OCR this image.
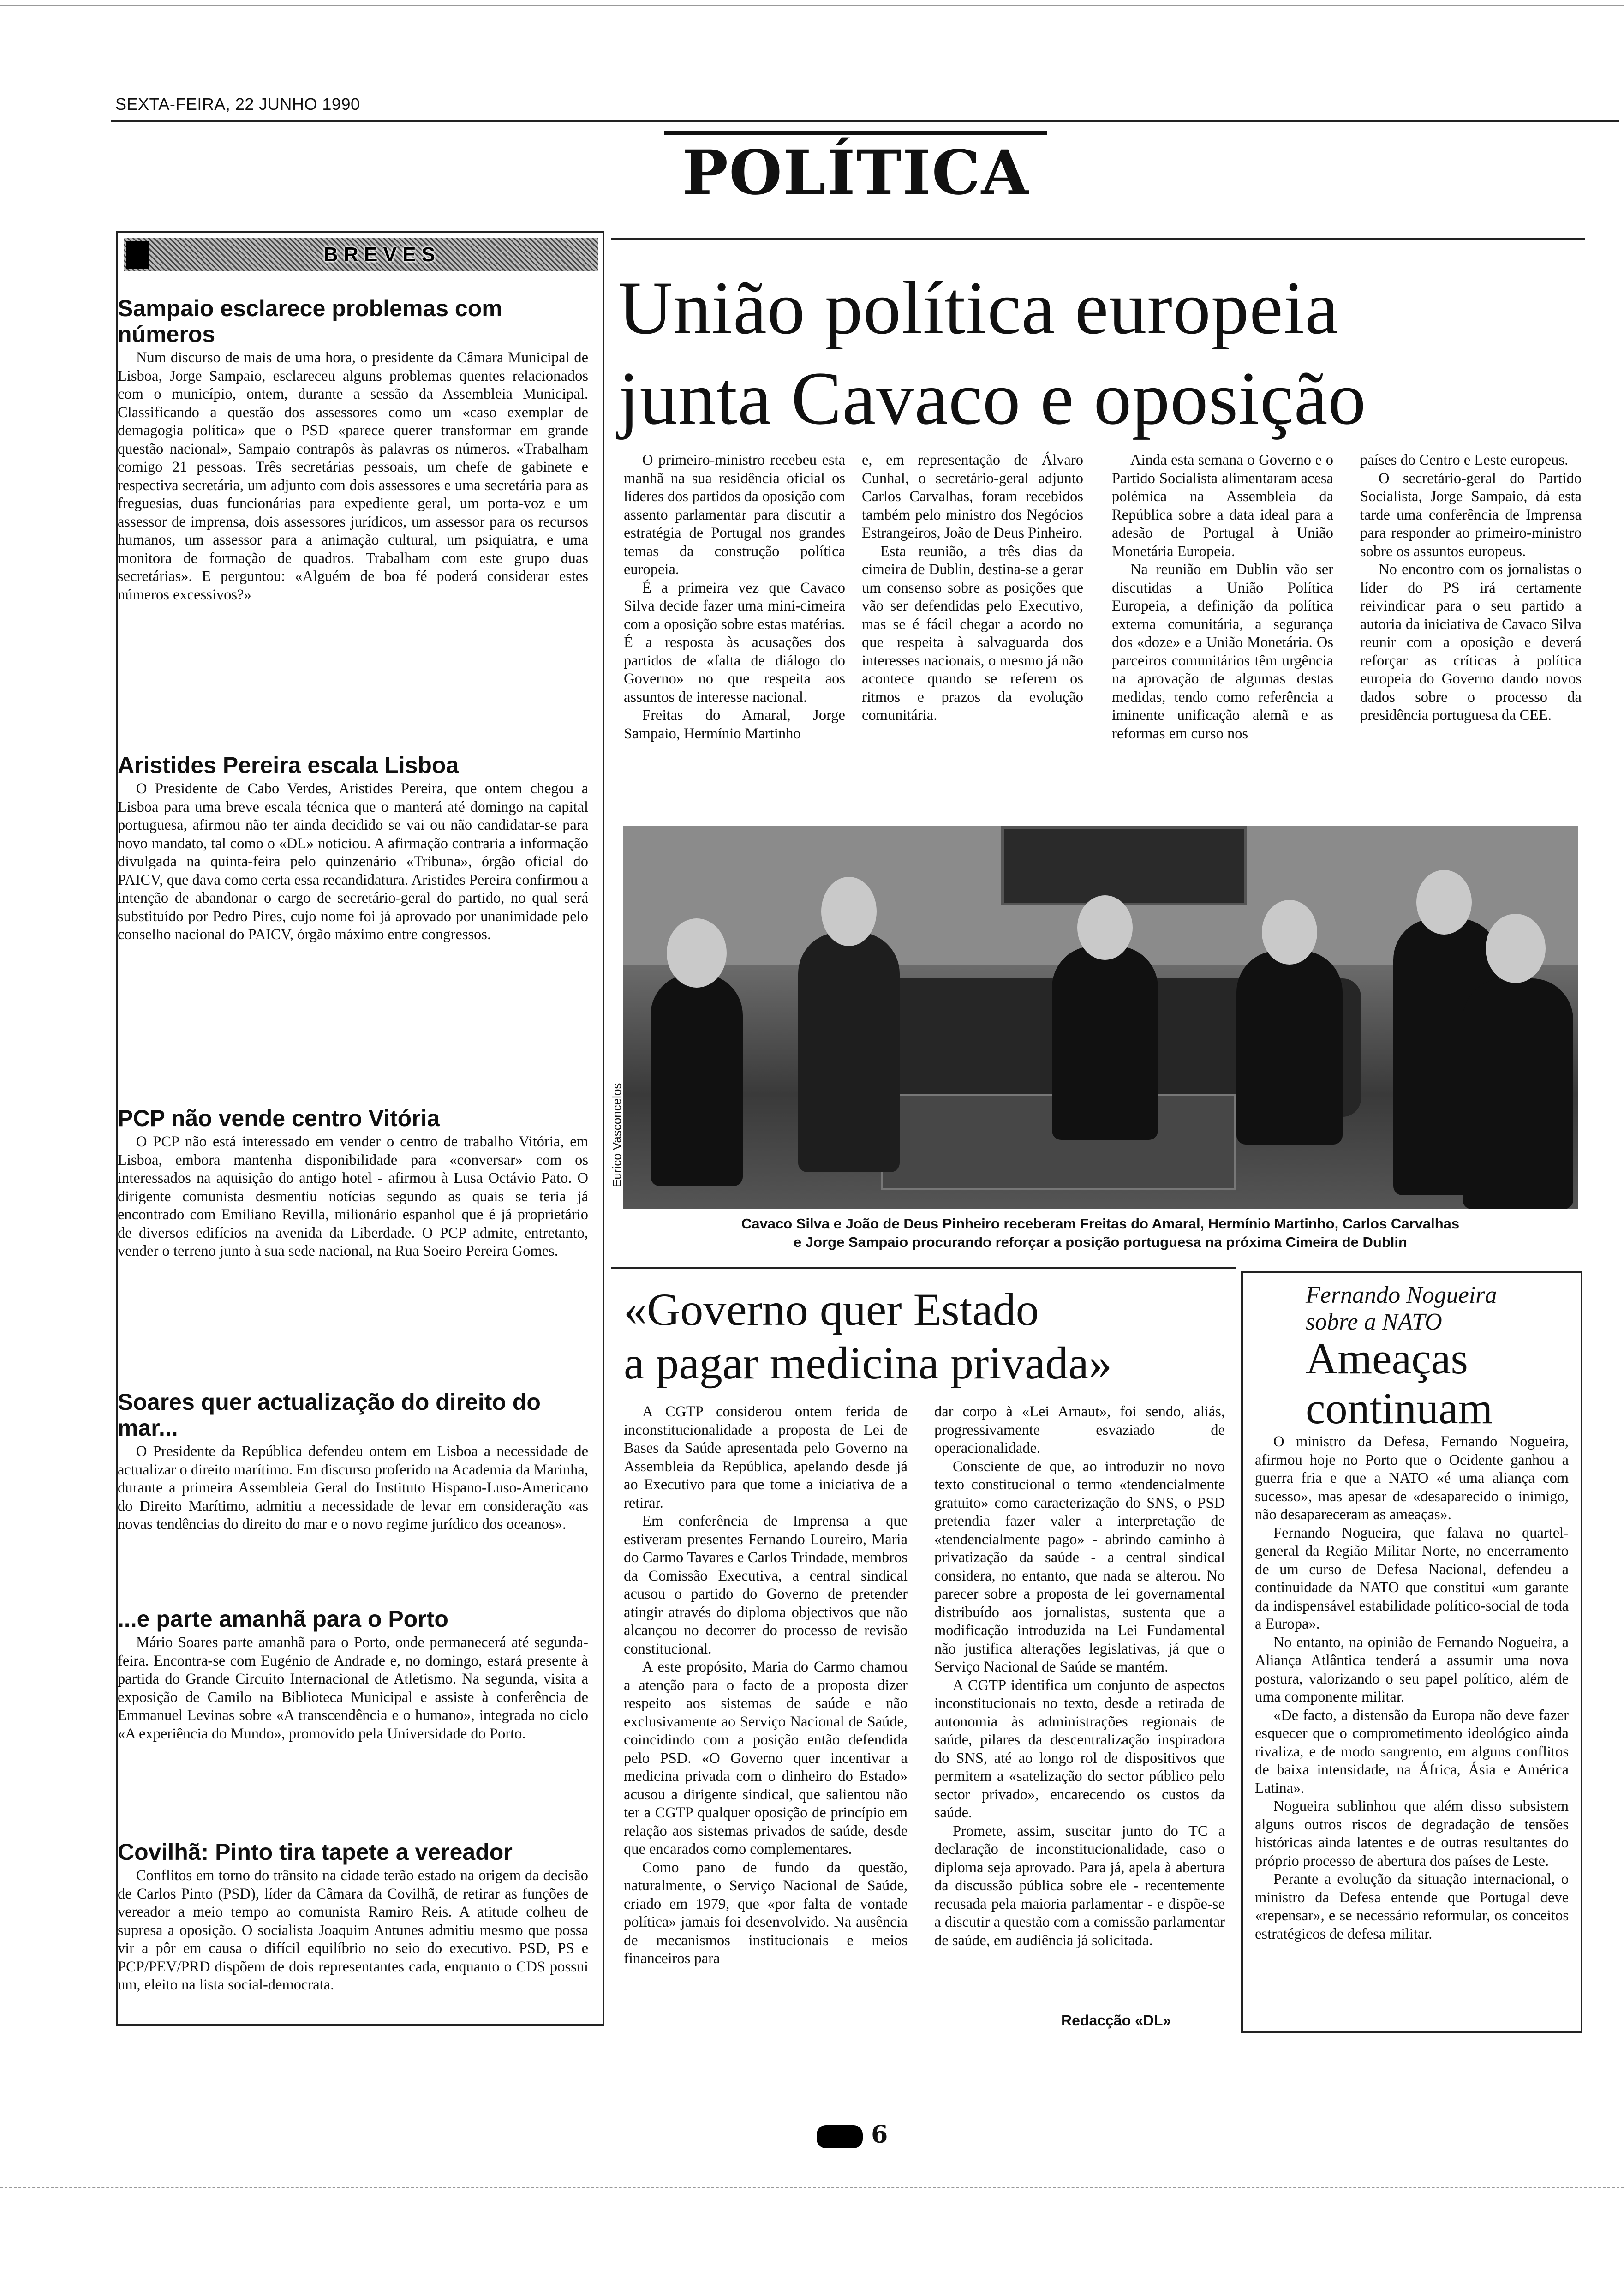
SEXTA-FEIRA, 22 JUNHO 1990
POLÍTICA
B R E V E S
Sampaio esclarece problemas com números

Num discurso de mais de uma hora, o presidente da Câmara Municipal de Lisboa, Jorge Sampaio, esclareceu alguns problemas quentes relacionados com o município, ontem, durante a sessão da Assembleia Municipal. Classificando a questão dos assessores como um «caso exemplar de demagogia política» que o PSD «parece querer transformar em grande questão nacional», Sampaio contrapôs às palavras os números. «Trabalham comigo 21 pessoas. Três secretárias pessoais, um chefe de gabinete e respectiva secretária, um adjunto com dois assessores e uma secretária para as freguesias, duas funcionárias para expediente geral, um porta-voz e um assessor de imprensa, dois assessores jurídicos, um assessor para os recursos humanos, um assessor para a animação cultural, um psiquiatra, e uma monitora de formação de quadros. Trabalham com este grupo duas secretárias». E perguntou: «Alguém de boa fé poderá considerar estes números excessivos?»

Aristides Pereira escala Lisboa

O Presidente de Cabo Verdes, Aristides Pereira, que ontem chegou a Lisboa para uma breve escala técnica que o manterá até domingo na capital portuguesa, afirmou não ter ainda decidido se vai ou não candidatar-se para novo mandato, tal como o «DL» noticiou. A afirmação contraria a informação divulgada na quinta-feira pelo quinzenário «Tribuna», órgão oficial do PAICV, que dava como certa essa recandidatura. Aristides Pereira confirmou a intenção de abandonar o cargo de secretário-geral do partido, no qual será substituído por Pedro Pires, cujo nome foi já aprovado por unanimidade pelo conselho nacional do PAICV, órgão máximo entre congressos.

PCP não vende centro Vitória

O PCP não está interessado em vender o centro de trabalho Vitória, em Lisboa, embora mantenha disponibilidade para «conversar» com os interessados na aquisição do antigo hotel - afirmou à Lusa Octávio Pato. O dirigente comunista desmentiu notícias segundo as quais se teria já encontrado com Emiliano Revilla, milionário espanhol que é já proprietário de diversos edifícios na avenida da Liberdade. O PCP admite, entretanto, vender o terreno junto à sua sede nacional, na Rua Soeiro Pereira Gomes.

Soares quer actualização do direito do mar...

O Presidente da República defendeu ontem em Lisboa a necessidade de actualizar o direito marítimo. Em discurso proferido na Academia da Marinha, durante a primeira Assembleia Geral do Instituto Hispano-Luso-Americano do Direito Marítimo, admitiu a necessidade de levar em consideração «as novas tendências do direito do mar e o novo regime jurídico dos oceanos».

...e parte amanhã para o Porto

Mário Soares parte amanhã para o Porto, onde permanecerá até segunda-feira. Encontra-se com Eugénio de Andrade e, no domingo, estará presente à partida do Grande Circuito Internacional de Atletismo. Na segunda, visita a exposição de Camilo na Biblioteca Municipal e assiste à conferência de Emmanuel Levinas sobre «A transcendência e o humano», integrada no ciclo «A experiência do Mundo», promovido pela Universidade do Porto.

Covilhã: Pinto tira tapete a vereador

Conflitos em torno do trânsito na cidade terão estado na origem da decisão de Carlos Pinto (PSD), líder da Câmara da Covilhã, de retirar as funções de vereador a meio tempo ao comunista Ramiro Reis. A atitude colheu de supresa a oposição. O socialista Joaquim Antunes admitiu mesmo que possa vir a pôr em causa o difícil equilíbrio no seio do executivo. PSD, PS e PCP/PEV/PRD dispõem de dois representantes cada, enquanto o CDS possui um, eleito na lista social-democrata.

União política europeia
junta Cavaco e oposição

O primeiro-ministro recebeu esta manhã na sua residência oficial os líderes dos partidos da oposição com assento parlamentar para discutir a estratégia de Portugal nos grandes temas da construção política europeia.

É a primeira vez que Cavaco Silva decide fazer uma mini-cimeira com a oposição sobre estas matérias. É a resposta às acusações dos partidos de «falta de diálogo do Governo» no que respeita aos assuntos de interesse nacional.

Freitas do Amaral, Jorge Sampaio, Hermínio Martinho

e, em representação de Álvaro Cunhal, o secretário-geral adjunto Carlos Carvalhas, foram recebidos também pelo ministro dos Negócios Estrangeiros, João de Deus Pinheiro.

Esta reunião, a três dias da cimeira de Dublin, destina-se a gerar um consenso sobre as posições que vão ser defendidas pelo Executivo, mas se é fácil chegar a acordo no que respeita à salvaguarda dos interesses nacionais, o mesmo já não acontece quando se referem os ritmos e prazos da evolução comunitária.

Ainda esta semana o Governo e o Partido Socialista alimentaram acesa polémica na Assembleia da República sobre a data ideal para a adesão de Portugal à União Monetária Europeia.

Na reunião em Dublin vão ser discutidas a União Política Europeia, a definição da política externa comunitária, a segurança dos «doze» e a União Monetária. Os parceiros comunitários têm urgência na aprovação de algumas destas medidas, tendo como referência a iminente unificação alemã e as reformas em curso nos

países do Centro e Leste europeus.

O secretário-geral do Partido Socialista, Jorge Sampaio, dá esta tarde uma conferência de Imprensa para responder ao primeiro-ministro sobre os assuntos europeus.

No encontro com os jornalistas o líder do PS irá certamente reivindicar para o seu partido a autoria da iniciativa de Cavaco Silva reunir com a oposição e deverá reforçar as críticas à política europeia do Governo dando novos dados sobre o processo da presidência portuguesa da CEE.

Eurico Vasconcelos
Cavaco Silva e João de Deus Pinheiro receberam Freitas do Amaral, Hermínio Martinho, Carlos Carvalhas
e Jorge Sampaio procurando reforçar a posição portuguesa na próxima Cimeira de Dublin
«Governo quer Estado
a pagar medicina privada»

A CGTP considerou ontem ferida de inconstitucionalidade a proposta de Lei de Bases da Saúde apresentada pelo Governo na Assembleia da República, apelando desde já ao Executivo para que tome a iniciativa de a retirar.

Em conferência de Imprensa a que estiveram presentes Fernando Loureiro, Maria do Carmo Tavares e Carlos Trindade, membros da Comissão Executiva, a central sindical acusou o partido do Governo de pretender atingir através do diploma objectivos que não alcançou no decorrer do processo de revisão constitucional.

A este propósito, Maria do Carmo chamou a atenção para o facto de a proposta dizer respeito aos sistemas de saúde e não exclusivamente ao Serviço Nacional de Saúde, coincidindo com a posição então defendida pelo PSD. «O Governo quer incentivar a medicina privada com o dinheiro do Estado» acusou a dirigente sindical, que salientou não ter a CGTP qualquer oposição de princípio em relação aos sistemas privados de saúde, desde que encarados como complementares.

Como pano de fundo da questão, naturalmente, o Serviço Nacional de Saúde, criado em 1979, que «por falta de vontade política» jamais foi desenvolvido. Na ausência de mecanismos institucionais e meios financeiros para

dar corpo à «Lei Arnaut», foi sendo, aliás, progressivamente esvaziado de operacionalidade.

Consciente de que, ao introduzir no novo texto constitucional o termo «tendencialmente gratuito» como caracterização do SNS, o PSD pretendia fazer valer a interpretação de «tendencialmente pago» - abrindo caminho à privatização da saúde - a central sindical considera, no entanto, que nada se alterou. No parecer sobre a proposta de lei governamental distribuído aos jornalistas, sustenta que a modificação introduzida na Lei Fundamental não justifica alterações legislativas, já que o Serviço Nacional de Saúde se mantém.

A CGTP identifica um conjunto de aspectos inconstitucionais no texto, desde a retirada de autonomia às administrações regionais de saúde, pilares da descentralização inspiradora do SNS, até ao longo rol de dispositivos que permitem a «satelização do sector público pelo sector privado», encarecendo os custos da saúde.

Promete, assim, suscitar junto do TC a declaração de inconstitucionalidade, caso o diploma seja aprovado. Para já, apela à abertura da discussão pública sobre ele - recentemente recusada pela maioria parlamentar - e dispõe-se a discutir a questão com a comissão parlamentar de saúde, em audiência já solicitada.

Redacção «DL»
Fernando Nogueira
sobre a NATO
Ameaças
continuam

O ministro da Defesa, Fernando Nogueira, afirmou hoje no Porto que o Ocidente ganhou a guerra fria e que a NATO «é uma aliança com sucesso», mas apesar de «desaparecido o inimigo, não desapareceram as ameaças».

Fernando Nogueira, que falava no quartel-general da Região Militar Norte, no encerramento de um curso de Defesa Nacional, defendeu a continuidade da NATO que constitui «um garante da indispensável estabilidade político-social de toda a Europa».

No entanto, na opinião de Fernando Nogueira, a Aliança Atlântica tenderá a assumir uma nova postura, valorizando o seu papel político, além de uma componente militar.

«De facto, a distensão da Europa não deve fazer esquecer que o comprometimento ideológico ainda rivaliza, e de modo sangrento, em alguns conflitos de baixa intensidade, na África, Ásia e América Latina».

Nogueira sublinhou que além disso subsistem alguns outros riscos de degradação de tensões históricas ainda latentes e de outras resultantes do próprio processo de abertura dos países de Leste.

Perante a evolução da situação internacional, o ministro da Defesa entende que Portugal deve «repensar», e se necessário reformular, os conceitos estratégicos de defesa militar.

6
